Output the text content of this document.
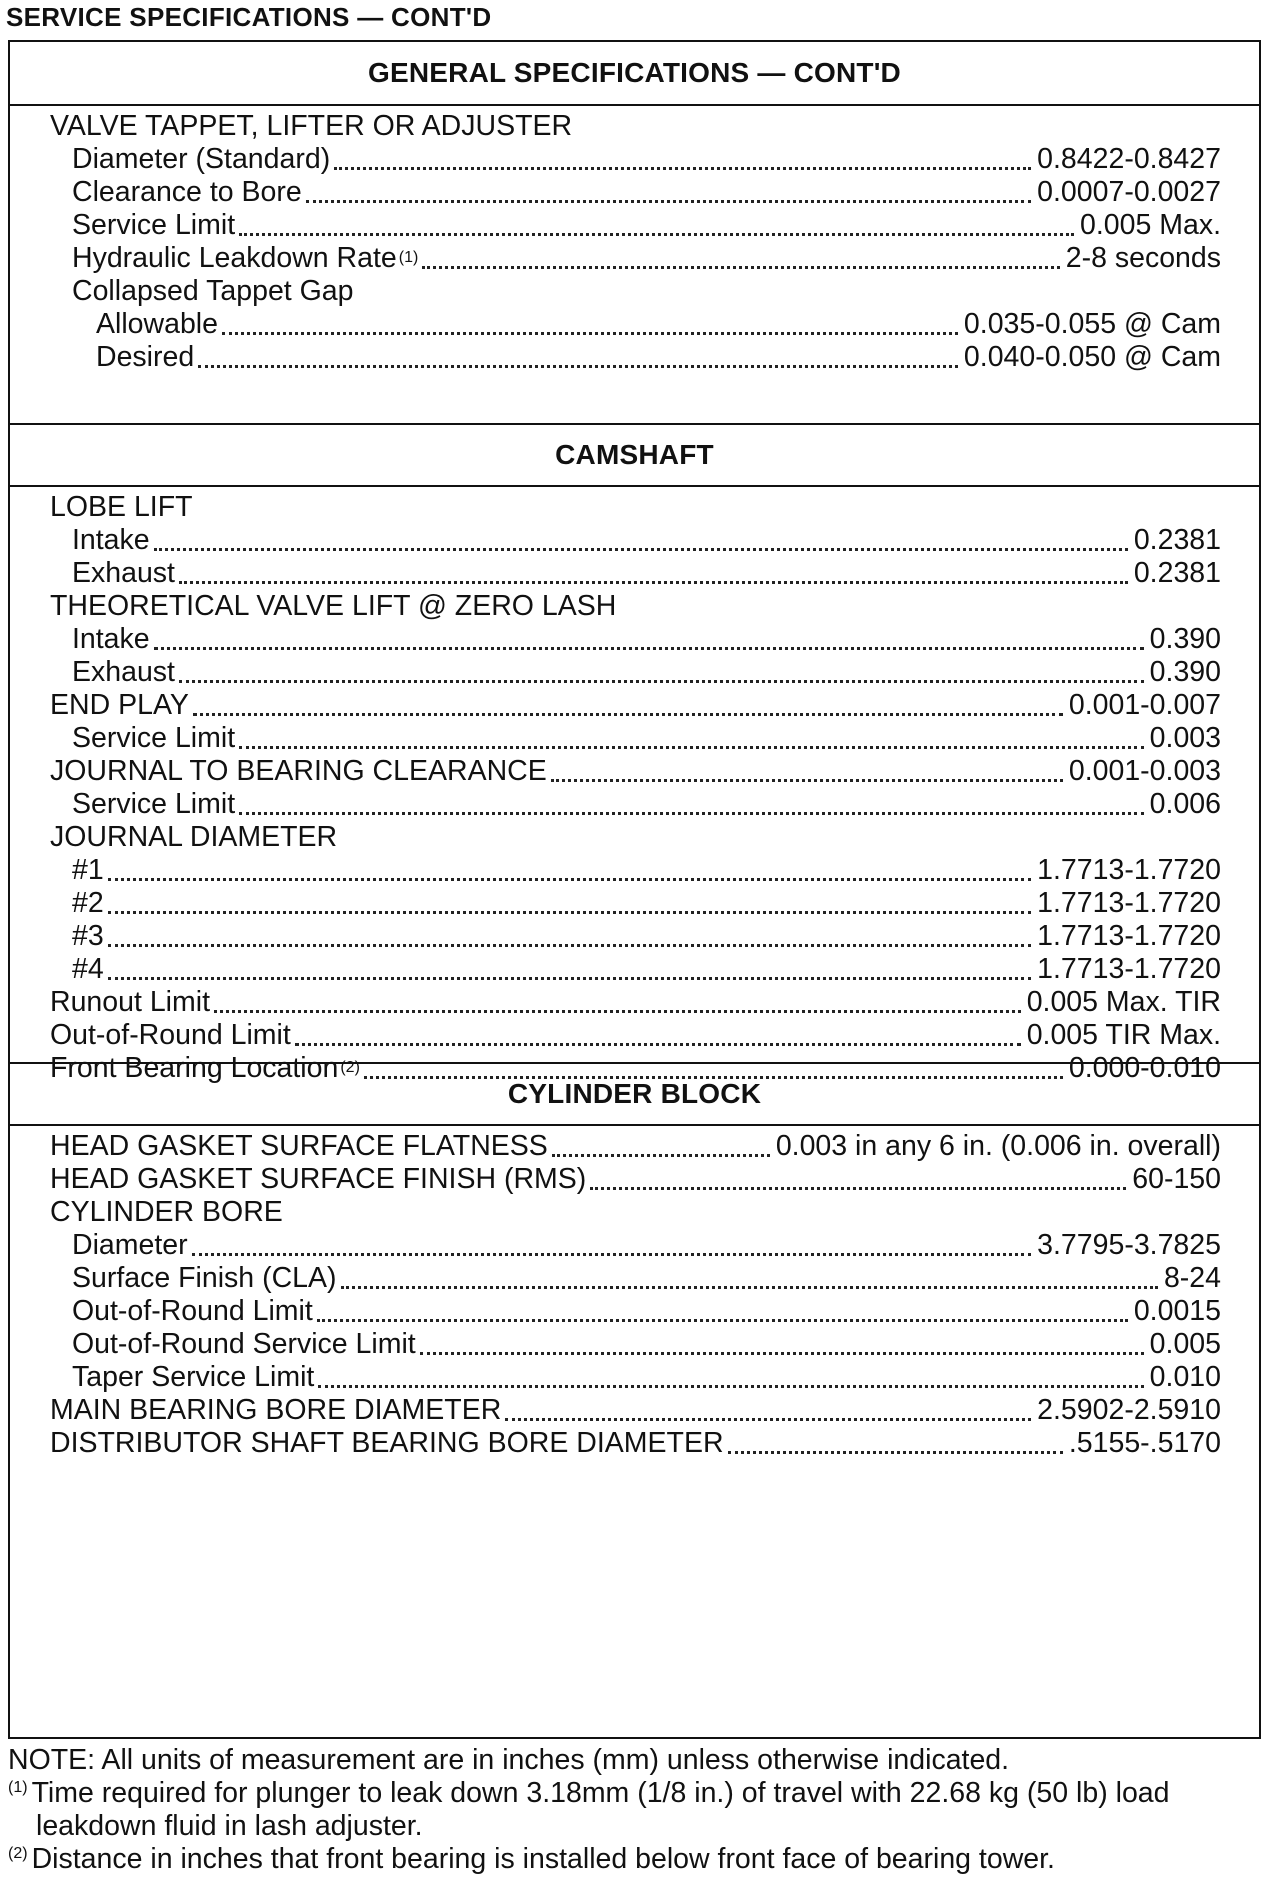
SERVICE SPECIFICATIONS — CONT'D
GENERAL SPECIFICATIONS — CONT'D
VALVE TAPPET, LIFTER OR ADJUSTER
Diameter (Standard)	0.8422-0.8427
Clearance to Bore	0.0007-0.0027
Service Limit	0.005 Max.
Hydraulic Leakdown Rate (1)	2-8 seconds
Collapsed Tappet Gap
Allowable	0.035-0.055 @ Cam
Desired	0.040-0.050 @ Cam
CAMSHAFT
LOBE LIFT
Intake	0.2381
Exhaust	0.2381
THEORETICAL VALVE LIFT @ ZERO LASH
Intake	0.390
Exhaust	0.390
END PLAY	0.001-0.007
Service Limit	0.003
JOURNAL TO BEARING CLEARANCE	0.001-0.003
Service Limit	0.006
JOURNAL DIAMETER
#1	1.7713-1.7720
#2	1.7713-1.7720
#3	1.7713-1.7720
#4	1.7713-1.7720
Runout Limit	0.005 Max. TIR
Out-of-Round Limit	0.005 TIR Max.
Front Bearing Location (2)	0.000-0.010
CYLINDER BLOCK
HEAD GASKET SURFACE FLATNESS	0.003 in any 6 in. (0.006 in. overall)
HEAD GASKET SURFACE FINISH (RMS)	60-150
CYLINDER BORE
Diameter	3.7795-3.7825
Surface Finish (CLA)	8-24
Out-of-Round Limit	0.0015
Out-of-Round Service Limit	0.005
Taper Service Limit	0.010
MAIN BEARING BORE DIAMETER	2.5902-2.5910
DISTRIBUTOR SHAFT BEARING BORE DIAMETER	.5155-.5170
NOTE: All units of measurement are in inches (mm) unless otherwise indicated.
$^{(1)}$ Time required for plunger to leak down 3.18mm (1/8 in.) of travel with 22.68 kg (50 lb) load
leakdown fluid in lash adjuster.
$^{(2)}$ Distance in inches that front bearing is installed below front face of bearing tower.
